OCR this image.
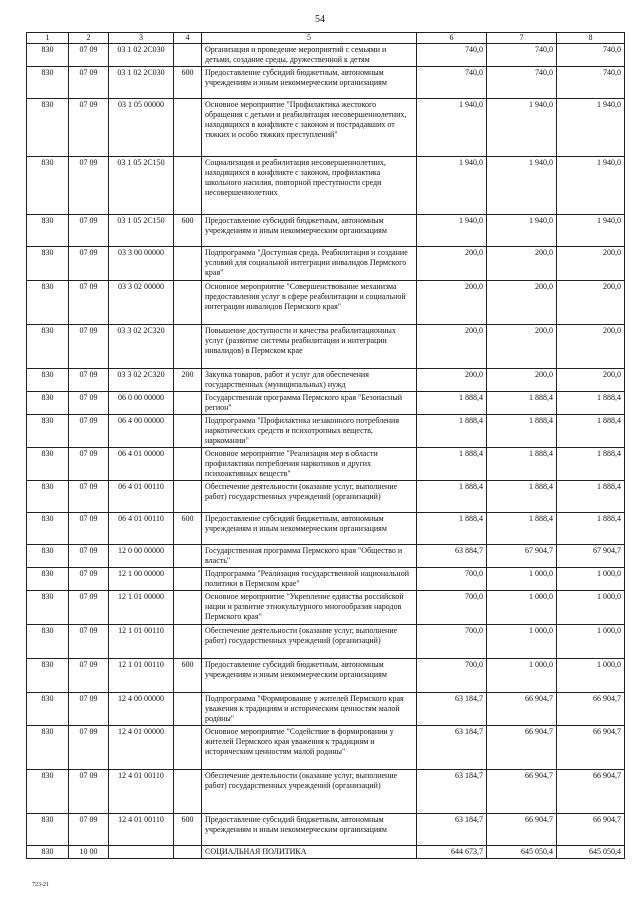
54
1	2	3	4	5	6	7	8
830	07 09	03 1 02 2C030		Организация и проведение мероприятий с семьями и детьми, создание среды, дружественной к детям	740,0	740,0	740,0
830	07 09	03 1 02 2C030	600	Предоставление субсидий бюджетным, автономным учреждениям и иным некоммерческим организациям	740,0	740,0	740,0
830	07 09	03 1 05 00000		Основное мероприятие "Профилактика жестокого обращения с детьми и реабилитация несовершеннолетних, находящихся в конфликте с законом и пострадавших от тяжких и особо тяжких преступлений"	1 940,0	1 940,0	1 940,0
830	07 09	03 1 05 2C150		Социализация и реабилитация несовершеннолетних, находящихся в конфликте с законом, профилактика школьного насилия, повторной преступности среди несовершеннолетних	1 940,0	1 940,0	1 940,0
830	07 09	03 1 05 2C150	600	Предоставление субсидий бюджетным, автономным учреждениям и иным некоммерческим организациям	1 940,0	1 940,0	1 940,0
830	07 09	03 3 00 00000		Подпрограмма "Доступная среда. Реабилитация и создание условий для социальной интеграции инвалидов Пермского края"	200,0	200,0	200,0
830	07 09	03 3 02 00000		Основное мероприятие "Совершенствование механизма предоставления услуг в сфере реабилитации и социальной интеграции инвалидов Пермского края"	200,0	200,0	200,0
830	07 09	03 3 02 2C320		Повышение доступности и качества реабилитационных услуг (развитие системы реабилитации и интеграции инвалидов) в Пермском крае	200,0	200,0	200,0
830	07 09	03 3 02 2C320	200	Закупка товаров, работ и услуг для обеспечения государственных (муниципальных) нужд	200,0	200,0	200,0
830	07 09	06 0 00 00000		Государственная программа Пермского края "Безопасный регион"	1 888,4	1 888,4	1 888,4
830	07 09	06 4 00 00000		Подпрограмма "Профилактика незаконного потребления наркотических средств и психотропных веществ, наркомании"	1 888,4	1 888,4	1 888,4
830	07 09	06 4 01 00000		Основное мероприятие "Реализация мер в области профилактики потребления наркотиков и других психоактивных веществ"	1 888,4	1 888,4	1 888,4
830	07 09	06 4 01 00110		Обеспечение деятельности (оказание услуг, выполнение работ) государственных учреждений (организаций)	1 888,4	1 888,4	1 888,4
830	07 09	06 4 01 00110	600	Предоставление субсидий бюджетным, автономным учреждениям и иным некоммерческим организациям	1 888,4	1 888,4	1 888,4
830	07 09	12 0 00 00000		Государственная программа Пермского края "Общество и власть"	63 884,7	67 904,7	67 904,7
830	07 09	12 1 00 00000		Подпрограмма "Реализация государственной национальной политики в Пермском крае"	700,0	1 000,0	1 000,0
830	07 09	12 1 01 00000		Основное мероприятие "Укрепление единства российской нации и развитие этнокультурного многообразия народов Пермского края"	700,0	1 000,0	1 000,0
830	07 09	12 1 01 00110		Обеспечение деятельности (оказание услуг, выполнение работ) государственных учреждений (организаций)	700,0	1 000,0	1 000,0
830	07 09	12 1 01 00110	600	Предоставление субсидий бюджетным, автономным учреждениям и иным некоммерческим организациям	700,0	1 000,0	1 000,0
830	07 09	12 4 00 00000		Подпрограмма "Формирование у жителей Пермского края уважения к традициям и историческим ценностям малой родины"	63 184,7	66 904,7	66 904,7
830	07 09	12 4 01 00000		Основное мероприятие "Содействие в формировании у жителей Пермского края уважения к традициям и историческим ценностям малой родины"	63 184,7	66 904,7	66 904,7
830	07 09	12 4 01 00110		Обеспечение деятельности (оказание услуг, выполнение работ) государственных учреждений (организаций)	63 184,7	66 904,7	66 904,7
830	07 09	12 4 01 00110	600	Предоставление субсидий бюджетным, автономным учреждениям и иным некоммерческим организациям	63 184,7	66 904,7	66 904,7
830	10 00			СОЦИАЛЬНАЯ ПОЛИТИКА	644 673,7	645 050,4	645 050,4
723-21
